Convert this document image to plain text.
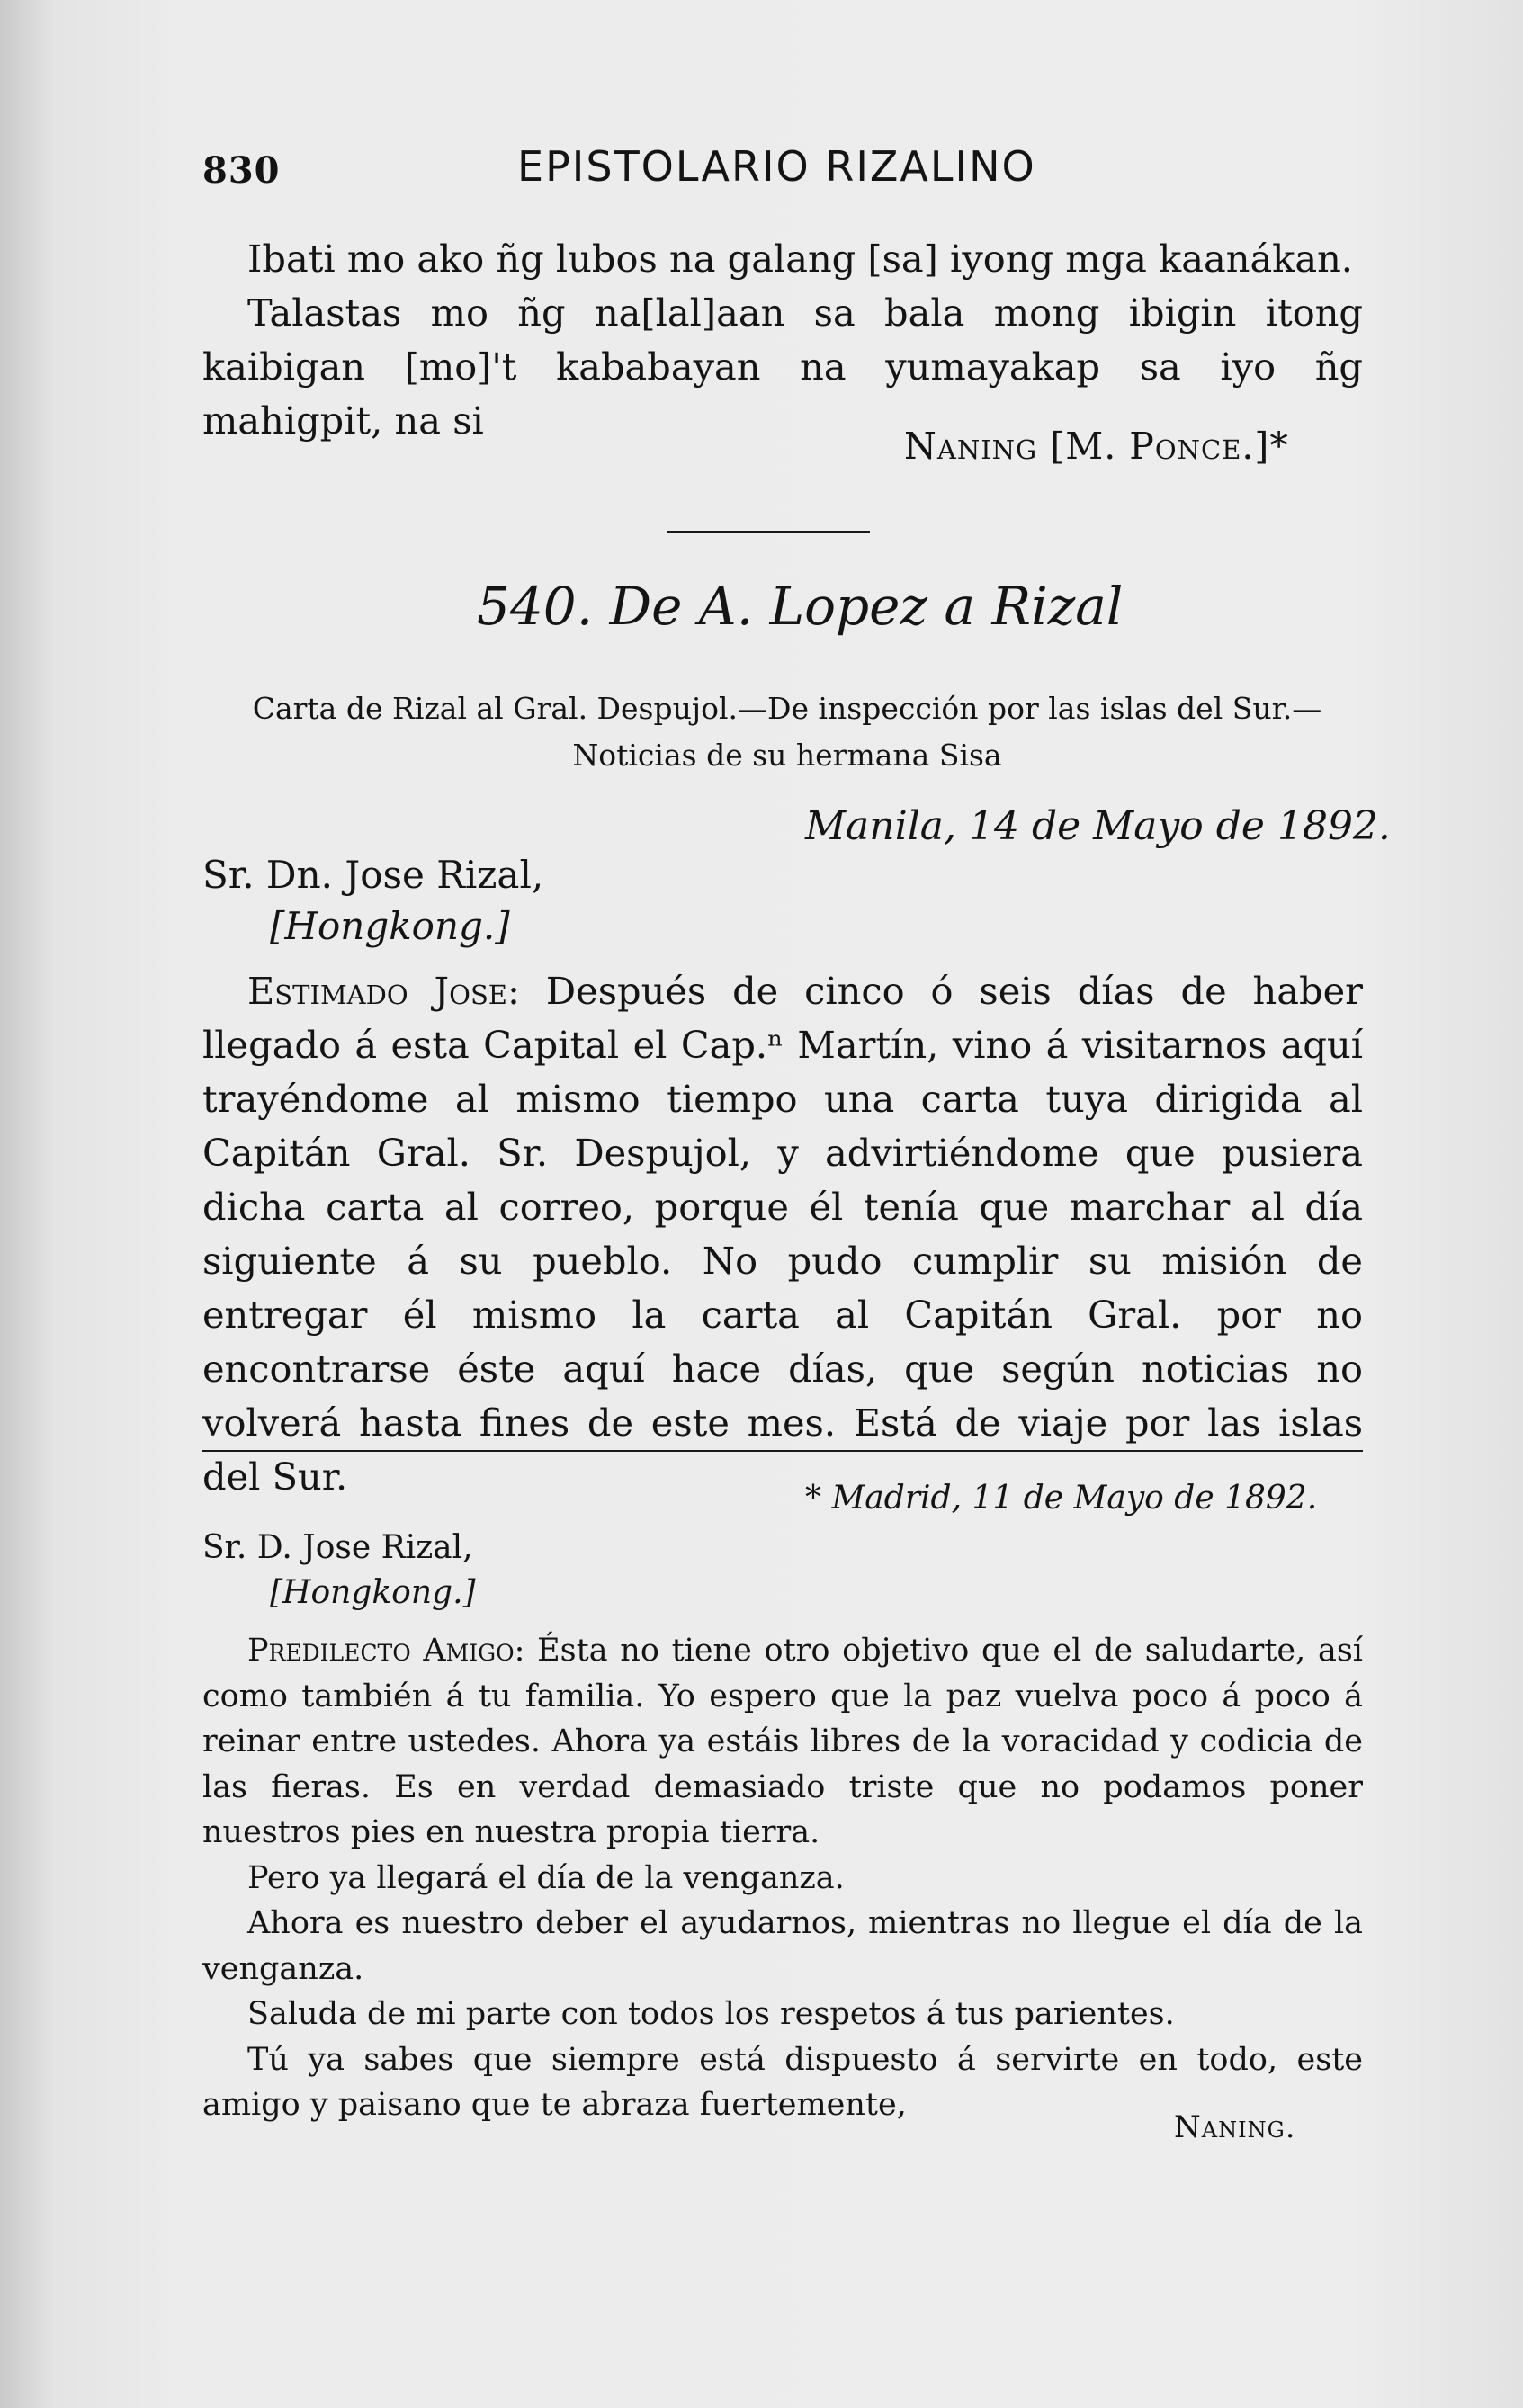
830	EPISTOLARIO RIZALINO

Ibati mo ako ñg lubos na galang [sa] iyong mga kaanákan.

Talastas mo ñg na[lal]aan sa bala mong ibigin itong kaibigan [mo]'t kababayan na yumayakap sa iyo ñg mahigpit, na si

Naning [M. Ponce.]*
540. De A. Lopez a Rizal
Carta de Rizal al Gral. Despujol.—De inspección por las islas del Sur.—
Noticias de su hermana Sisa
Manila, 14 de Mayo de 1892.
Sr. Dn. Jose Rizal,
[Hongkong.]

Estimado Jose: Después de cinco ó seis días de haber llegado á esta Capital el Cap.ⁿ Martín, vino á visitarnos aquí trayéndome al mismo tiempo una carta tuya dirigida al Capitán Gral. Sr. Despujol, y advirtiéndome que pusiera dicha carta al correo, porque él tenía que marchar al día siguiente á su pueblo. No pudo cumplir su misión de entregar él mismo la carta al Capitán Gral. por no encontrarse éste aquí hace días, que según noticias no volverá hasta fines de este mes. Está de viaje por las islas del Sur.	* Madrid, 11 de Mayo de 1892.
Sr. D. Jose Rizal,
[Hongkong.]

Predilecto Amigo: Ésta no tiene otro objetivo que el de saludarte, así como también á tu familia. Yo espero que la paz vuelva poco á poco á reinar entre ustedes. Ahora ya estáis libres de la voracidad y codicia de las fieras. Es en verdad demasiado triste que no podamos poner nuestros pies en nuestra propia tierra.

Pero ya llegará el día de la venganza.

Ahora es nuestro deber el ayudarnos, mientras no llegue el día de la venganza.

Saluda de mi parte con todos los respetos á tus parientes.

Tú ya sabes que siempre está dispuesto á servirte en todo, este amigo y paisano que te abraza fuertemente,

Naning.
